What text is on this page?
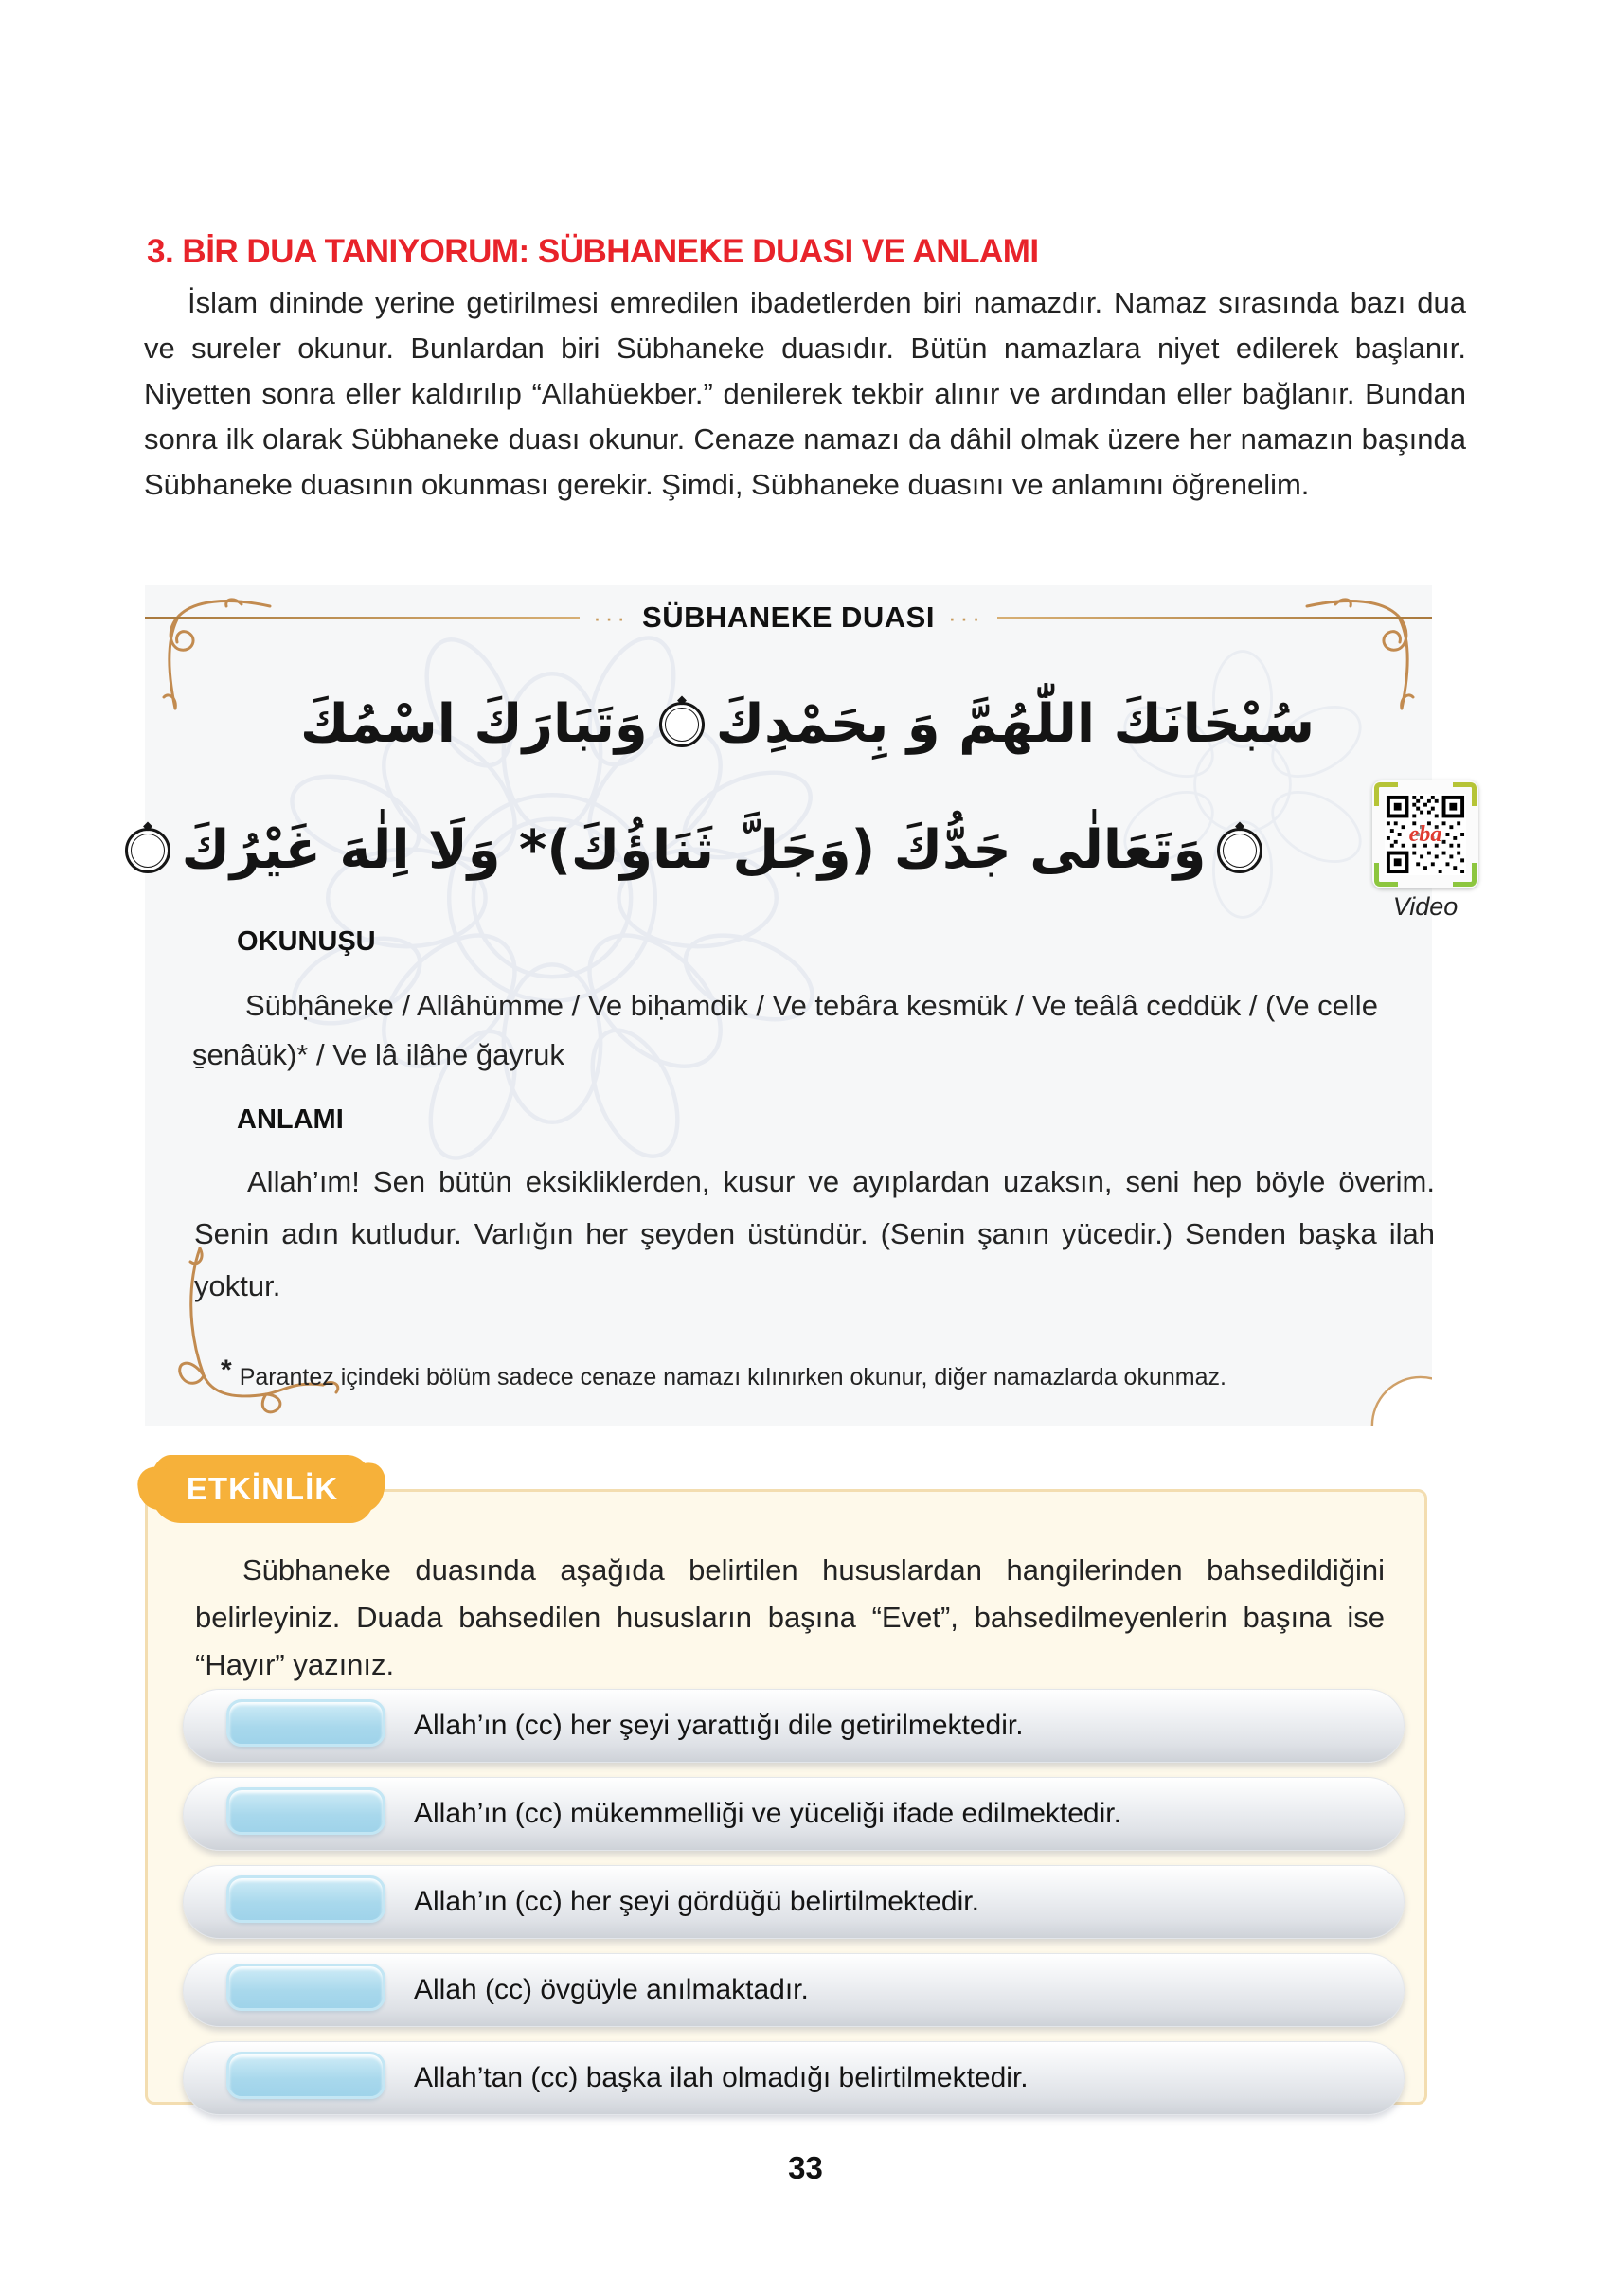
3. BİR DUA TANIYORUM: SÜBHANEKE DUASI VE ANLAMI
İslam dininde yerine getirilmesi emredilen ibadetlerden biri namazdır. Namaz sırasında bazı dua ve sureler okunur. Bunlardan biri Sübhaneke duasıdır. Bütün namazlara niyet edilerek başlanır. Niyetten sonra eller kaldırılıp “Allahüekber.” denilerek tekbir alınır ve ardından eller bağlanır. Bundan sonra ilk olarak Sübhaneke duası okunur. Cenaze namazı da dâhil olmak üzere her namazın başında Sübhaneke duasının okunması gerekir. Şimdi, Sübhaneke duasını ve anlamını öğrenelim.
··· SÜBHANEKE DUASI ···
سُبْحَانَكَ اللّٰهُمَّ وَ بِحَمْدِكَوَتَبَارَكَ اسْمُكَ
وَتَعَالٰى جَدُّكَ (وَجَلَّ ثَنَاؤُكَ)* وَلَا اِلٰهَ غَيْرُكَ
OKUNUŞU
Sübḥâneke / Allâhümme / Ve biḥamdik / Ve tebâra kesmük / Ve teâlâ ceddük / (Ve celle s̱enâük)* / Ve lâ ilâhe ğayruk
ANLAMI
Allah’ım! Sen bütün eksikliklerden, kusur ve ayıplardan uzaksın, seni hep böyle överim. Senin adın kutludur. Varlığın her şeyden üstündür. (Senin şanın yücedir.) Senden başka ilah yoktur.
* Parantez içindeki bölüm sadece cenaze namazı kılınırken okunur, diğer namazlarda okunmaz.
eba
Video
ETKİNLİK
Sübhaneke duasında aşağıda belirtilen hususlardan hangilerinden bahsedildiğini belirleyiniz. Duada bahsedilen hususların başına “Evet”, bahsedilmeyenlerin başına ise “Hayır” yazınız.
Allah’ın (cc) her şeyi yarattığı dile getirilmektedir.
Allah’ın (cc) mükemmelliği ve yüceliği ifade edilmektedir.
Allah’ın (cc) her şeyi gördüğü belirtilmektedir.
Allah (cc) övgüyle anılmaktadır.
Allah’tan (cc) başka ilah olmadığı belirtilmektedir.
33
